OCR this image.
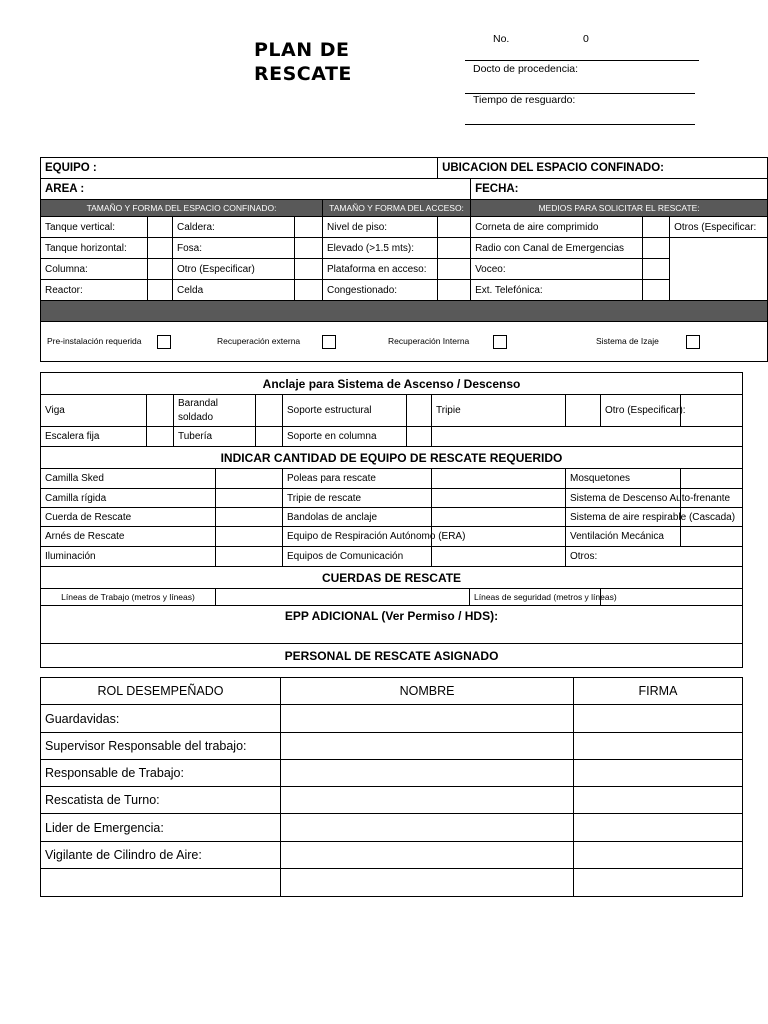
PLAN DE
RESCATE
No.	0
Docto de procedencia:
Tiempo de resguardo:
EQUIPO :					UBICACION DEL ESPACIO CONFINADO:			
AREA :						FECHA:		
TAMAÑO Y FORMA DEL ESPACIO CONFINADO:				TAMAÑO Y FORMA DEL ACCESO:		MEDIOS PARA SOLICITAR EL RESCATE:		
Tanque vertical:		Caldera:		Nivel de piso:		Corneta de aire comprimido		Otros (Especificar:
Tanque horizontal:		Fosa:		Elevado (>1.5 mts):		Radio con Canal de Emergencias		
Columna:		Otro (Especificar)		Plataforma en acceso:		Voceo:		
Reactor:		Celda		Congestionado:		Ext. Telefónica:		

Pre-instalación requerida Recuperación externa Recuperación Interna Sistema de Izaje								
Anclaje para Sistema de Ascenso / Descenso											
Viga		Barandal soldado			Soporte estructural		Tripie			Otro (Especificar):	
Escalera fija		Tubería			Soporte en columna						
INDICAR CANTIDAD DE EQUIPO DE RESCATE REQUERIDO											
Camilla Sked					Poleas para rescate				Mosquetones		
Camilla rígida					Tripie de rescate				Sistema de Descenso Auto-frenante		
Cuerda de Rescate					Bandolas de anclaje				Sistema de aire respirable (Cascada)		
Arnés de Rescate					Equipo de Respiración Autónomo (ERA)				Ventilación Mecánica		
Iluminación					Equipos de Comunicación				Otros:		
CUERDAS DE RESCATE											
Líneas de Trabajo (metros y líneas)								Líneas de seguridad (metros y líneas)			
EPP ADICIONAL (Ver Permiso / HDS):											
PERSONAL DE RESCATE ASIGNADO											
ROL DESEMPEÑADO	NOMBRE	FIRMA
Guardavidas:		
Supervisor Responsable del trabajo:		
Responsable de Trabajo:		
Rescatista de Turno:		
Lider de Emergencia:		
Vigilante de Cilindro de Aire:		
